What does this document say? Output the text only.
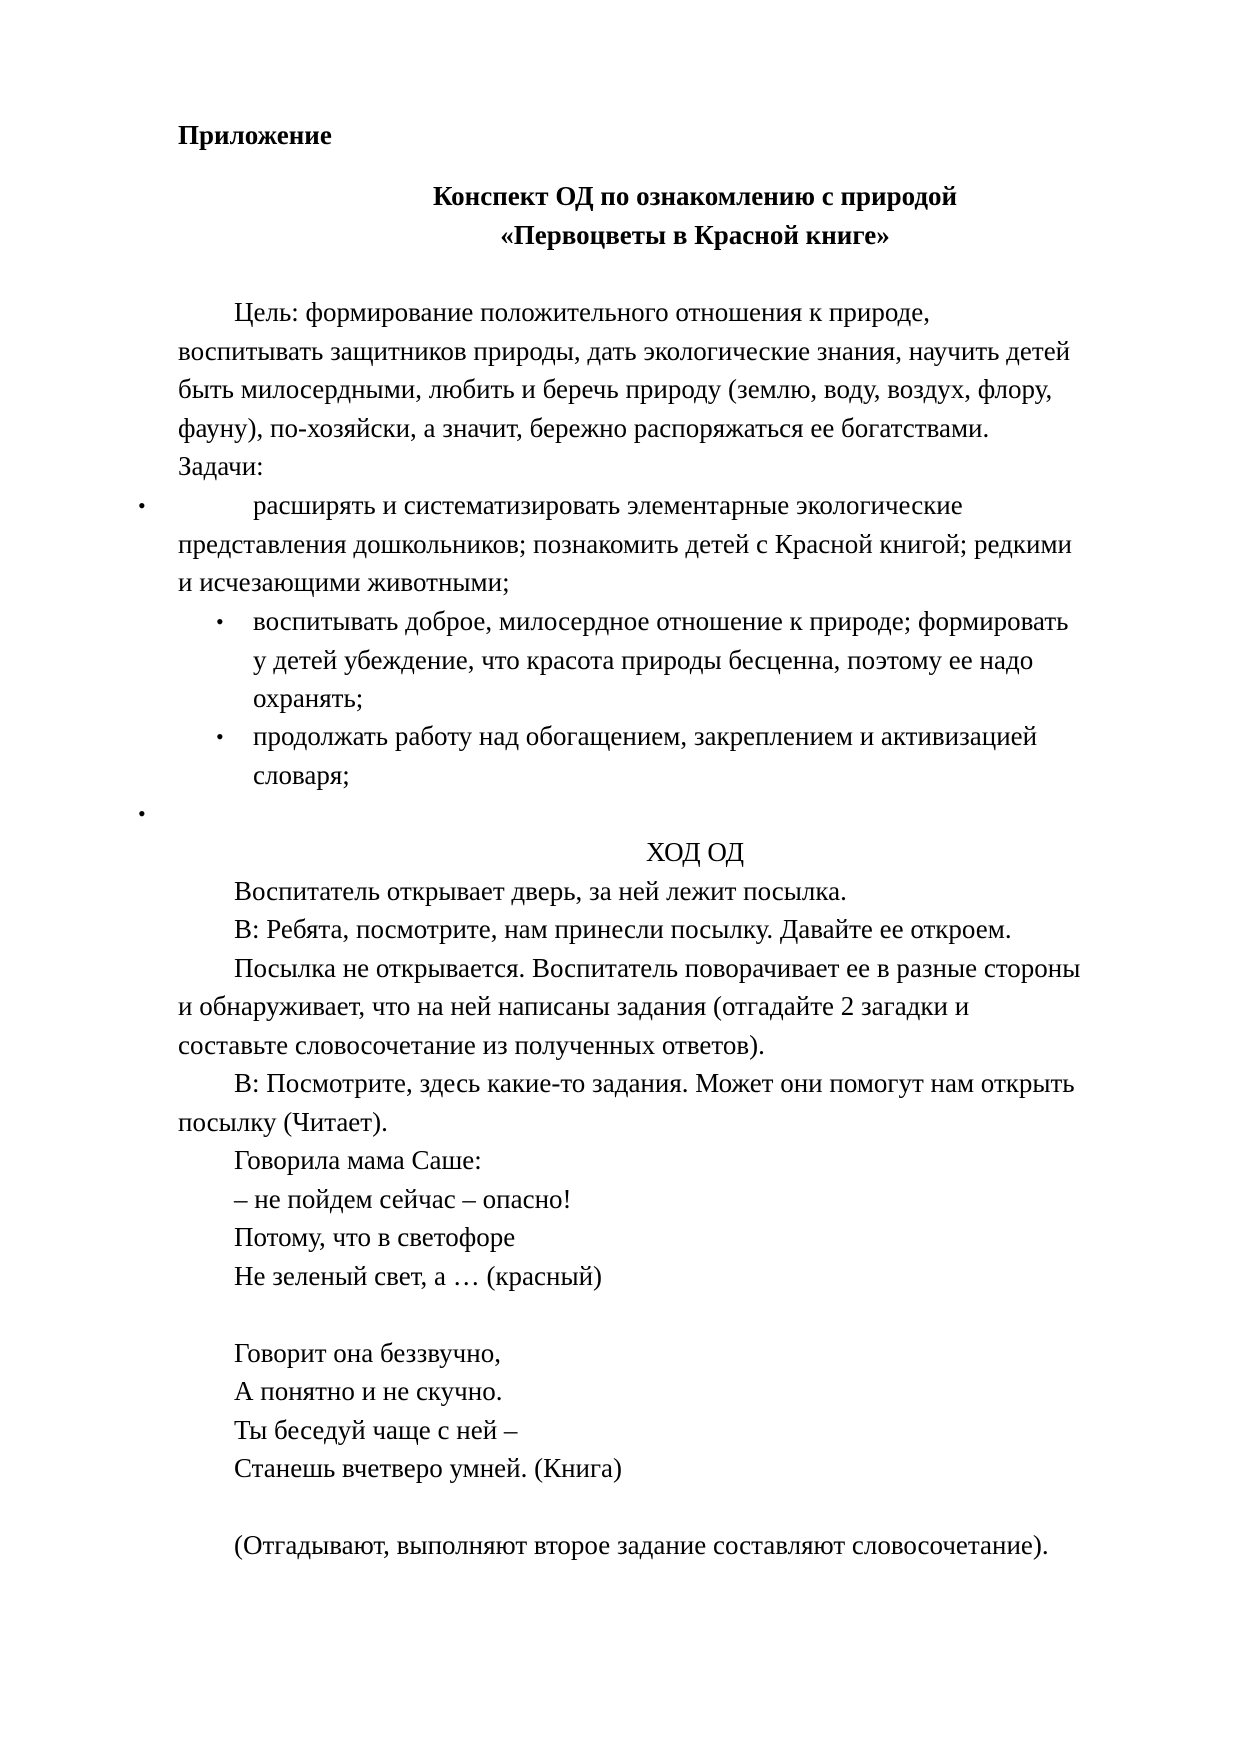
Приложение
Конспект ОД по ознакомлению с природой
«Первоцветы в Красной книге»
Цель: формирование положительного отношения к природе,
воспитывать защитников природы, дать экологические знания, научить детей
быть милосердными, любить и беречь природу (землю, воду, воздух, флору,
фауну), по-хозяйски, а значит, бережно распоряжаться ее богатствами.
Задачи:
•	расширять и систематизировать элементарные экологические
представления дошкольников; познакомить детей с Красной книгой; редкими
и исчезающими животными;
• воспитывать доброе, милосердное отношение к природе; формировать
у детей убеждение, что красота природы бесценна, поэтому ее надо
охранять;
• продолжать работу над обогащением, закреплением и активизацией
словаря;
•
ХОД ОД
Воспитатель открывает дверь, за ней лежит посылка.
В: Ребята, посмотрите, нам принесли посылку. Давайте ее откроем.
Посылка не открывается. Воспитатель поворачивает ее в разные стороны
и обнаруживает, что на ней написаны задания (отгадайте 2 загадки и
составьте словосочетание из полученных ответов).
В: Посмотрите, здесь какие-то задания. Может они помогут нам открыть
посылку (Читает).
Говорила мама Саше:
– не пойдем сейчас – опасно!
Потому, что в светофоре
Не зеленый свет, а … (красный)
Говорит она беззвучно,
А понятно и не скучно.
Ты беседуй чаще с ней –
Станешь вчетверо умней. (Книга)
(Отгадывают, выполняют второе задание составляют словосочетание).
